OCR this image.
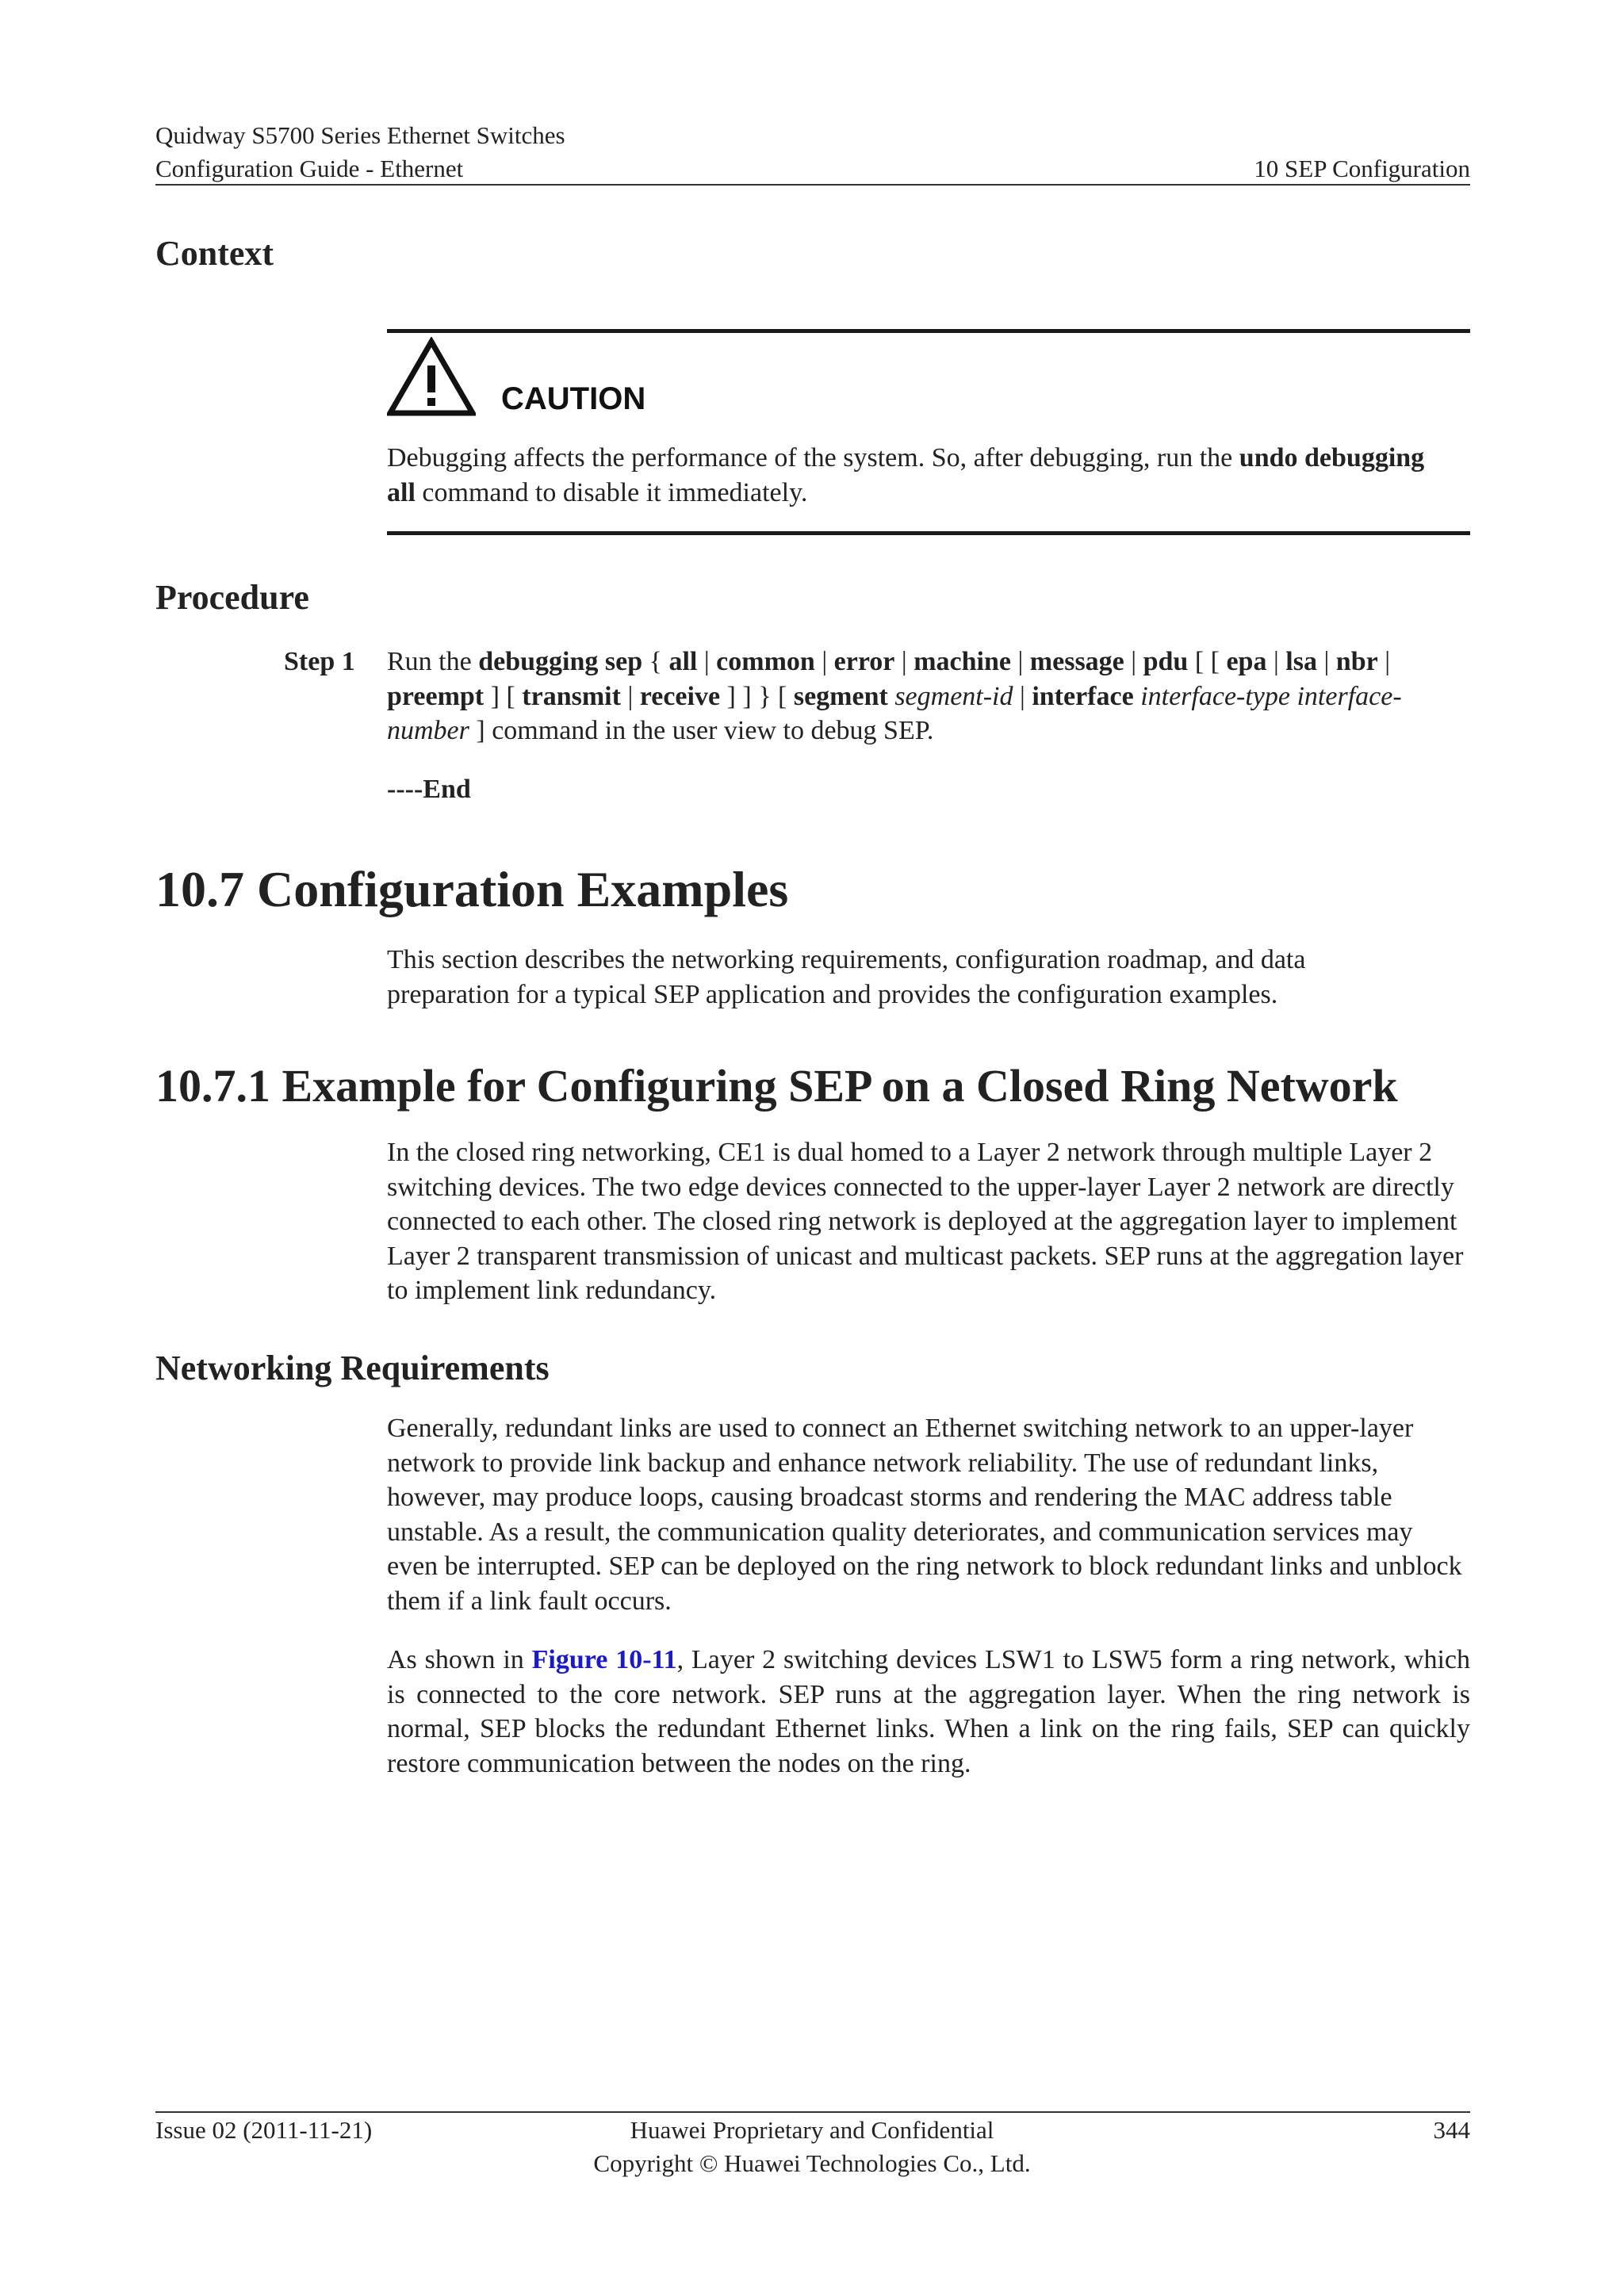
Quidway S5700 Series Ethernet Switches
Configuration Guide - Ethernet	10 SEP Configuration
Context
CAUTION

Debugging affects the performance of the system. So, after debugging, run the undo debugging
all command to disable it immediately.

Procedure
Step 1 Run the debugging sep { all | common | error | machine | message | pdu [ [ epa | lsa | nbr |
preempt ] [ transmit | receive ] ] } [ segment segment-id | interface interface-type interface-number ] command in the user view to debug SEP.

----End
10.7 Configuration Examples
This section describes the networking requirements, configuration roadmap, and data preparation for a typical SEP application and provides the configuration examples.
10.7.1 Example for Configuring SEP on a Closed Ring Network
In the closed ring networking, CE1 is dual homed to a Layer 2 network through multiple Layer 2 switching devices. The two edge devices connected to the upper-layer Layer 2 network are directly connected to each other. The closed ring network is deployed at the aggregation layer to implement Layer 2 transparent transmission of unicast and multicast packets. SEP runs at the aggregation layer to implement link redundancy.
Networking Requirements
Generally, redundant links are used to connect an Ethernet switching network to an upper-layer network to provide link backup and enhance network reliability. The use of redundant links, however, may produce loops, causing broadcast storms and rendering the MAC address table unstable. As a result, the communication quality deteriorates, and communication services may even be interrupted. SEP can be deployed on the ring network to block redundant links and unblock them if a link fault occurs.

As shown in Figure 10-11, Layer 2 switching devices LSW1 to LSW5 form a ring network, which is connected to the core network. SEP runs at the aggregation layer. When the ring network is normal, SEP blocks the redundant Ethernet links. When a link on the ring fails, SEP can quickly restore communication between the nodes on the ring.

Issue 02 (2011-11-21)	Huawei Proprietary and Confidential
Copyright © Huawei Technologies Co., Ltd.
344
